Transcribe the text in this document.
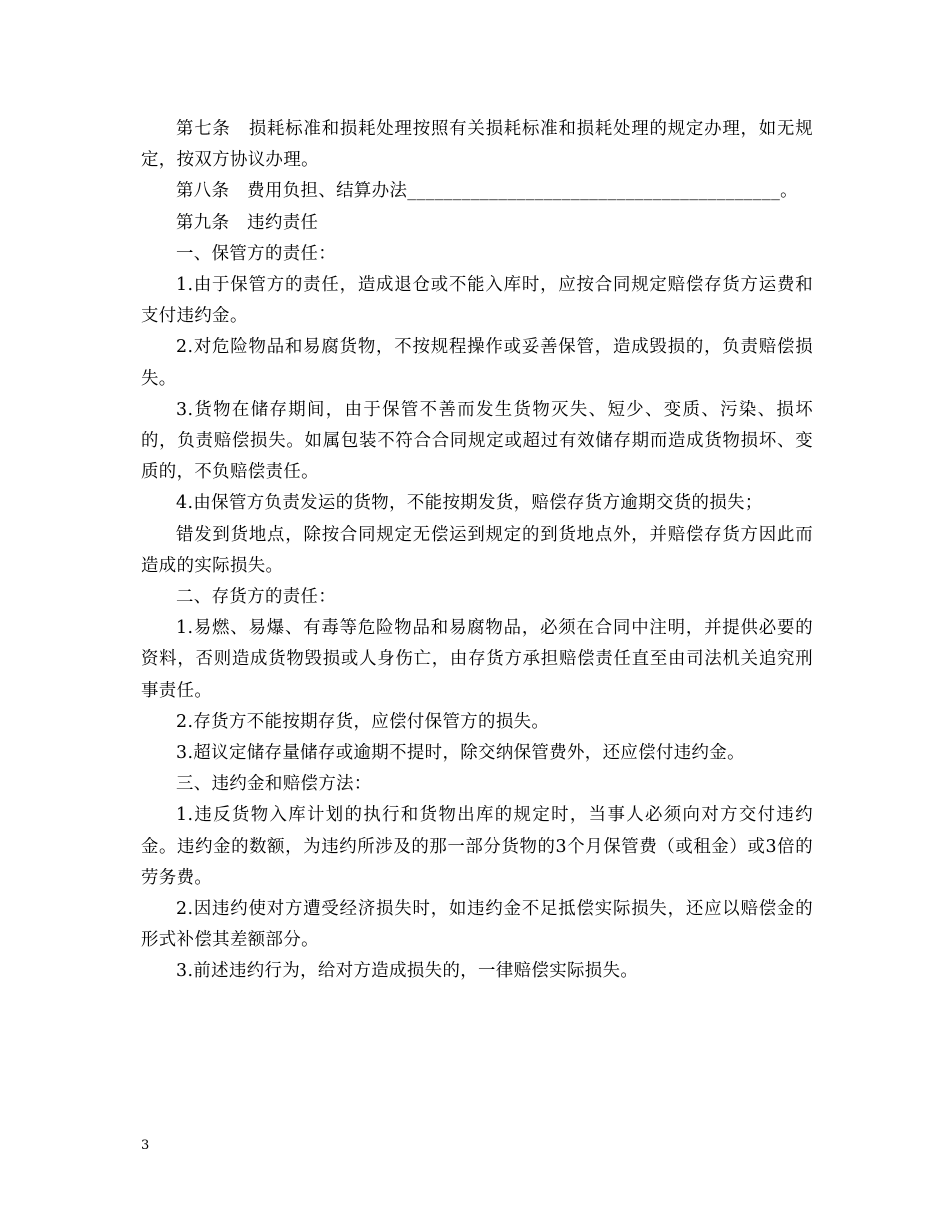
第七条　损耗标准和损耗处理按照有关损耗标准和损耗处理的规定办理，如无规定，按双方协议办理。

第八条　费用负担、结算办法_________________________________________。

第九条　违约责任

一、保管方的责任：

1.由于保管方的责任，造成退仓或不能入库时，应按合同规定赔偿存货方运费和支付违约金。

2.对危险物品和易腐货物，不按规程操作或妥善保管，造成毁损的，负责赔偿损失。

3.货物在储存期间，由于保管不善而发生货物灭失、短少、变质、污染、损坏的，负责赔偿损失。如属包装不符合合同规定或超过有效储存期而造成货物损坏、变质的，不负赔偿责任。

4.由保管方负责发运的货物，不能按期发货，赔偿存货方逾期交货的损失；

错发到货地点，除按合同规定无偿运到规定的到货地点外，并赔偿存货方因此而造成的实际损失。

二、存货方的责任：

1.易燃、易爆、有毒等危险物品和易腐物品，必须在合同中注明，并提供必要的资料，否则造成货物毁损或人身伤亡，由存货方承担赔偿责任直至由司法机关追究刑事责任。

2.存货方不能按期存货，应偿付保管方的损失。

3.超议定储存量储存或逾期不提时，除交纳保管费外，还应偿付违约金。

三、违约金和赔偿方法：

1.违反货物入库计划的执行和货物出库的规定时，当事人必须向对方交付违约金。违约金的数额，为违约所涉及的那一部分货物的3个月保管费（或租金）或3倍的劳务费。

2.因违约使对方遭受经济损失时，如违约金不足抵偿实际损失，还应以赔偿金的形式补偿其差额部分。

3.前述违约行为，给对方造成损失的，一律赔偿实际损失。

3
